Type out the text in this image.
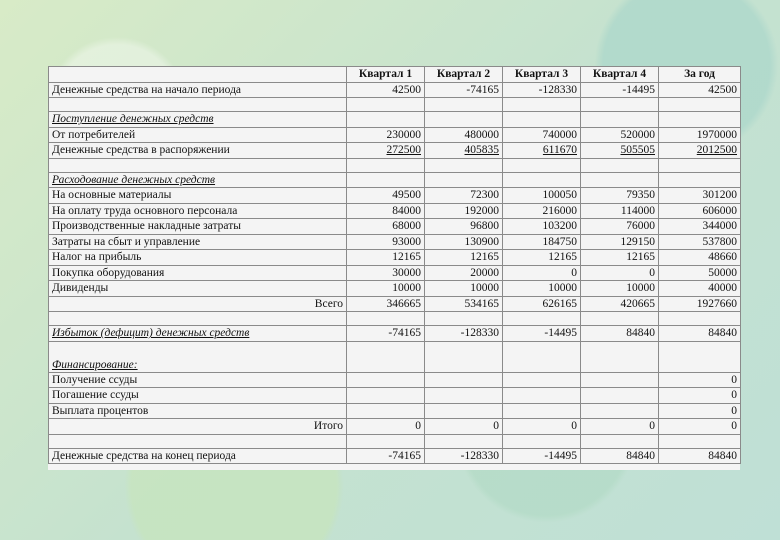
	Квартал 1	Квартал 2	Квартал 3	Квартал 4	За год
Денежные средства на начало периода	42500	-74165	-128330	-14495	42500

Поступление денежных средств					
От потребителей	230000	480000	740000	520000	1970000
Денежные средства в распоряжении	272500	405835	611670	505505	2012500

Расходование денежных средств					
На основные материалы	49500	72300	100050	79350	301200
На оплату труда основного персонала	84000	192000	216000	114000	606000
Производственные накладные затраты	68000	96800	103200	76000	344000
Затраты на сбыт и управление	93000	130900	184750	129150	537800
Налог на прибыль	12165	12165	12165	12165	48660
Покупка оборудования	30000	20000	0	0	50000
Дивиденды	10000	10000	10000	10000	40000
Всего	346665	534165	626165	420665	1927660

Избыток (дефицит) денежных средств	-74165	-128330	-14495	84840	84840
Финансирование:					
Получение ссуды					0
Погашение ссуды					0
Выплата процентов					0
Итого	0	0	0	0	0

Денежные средства на конец периода	-74165	-128330	-14495	84840	84840
